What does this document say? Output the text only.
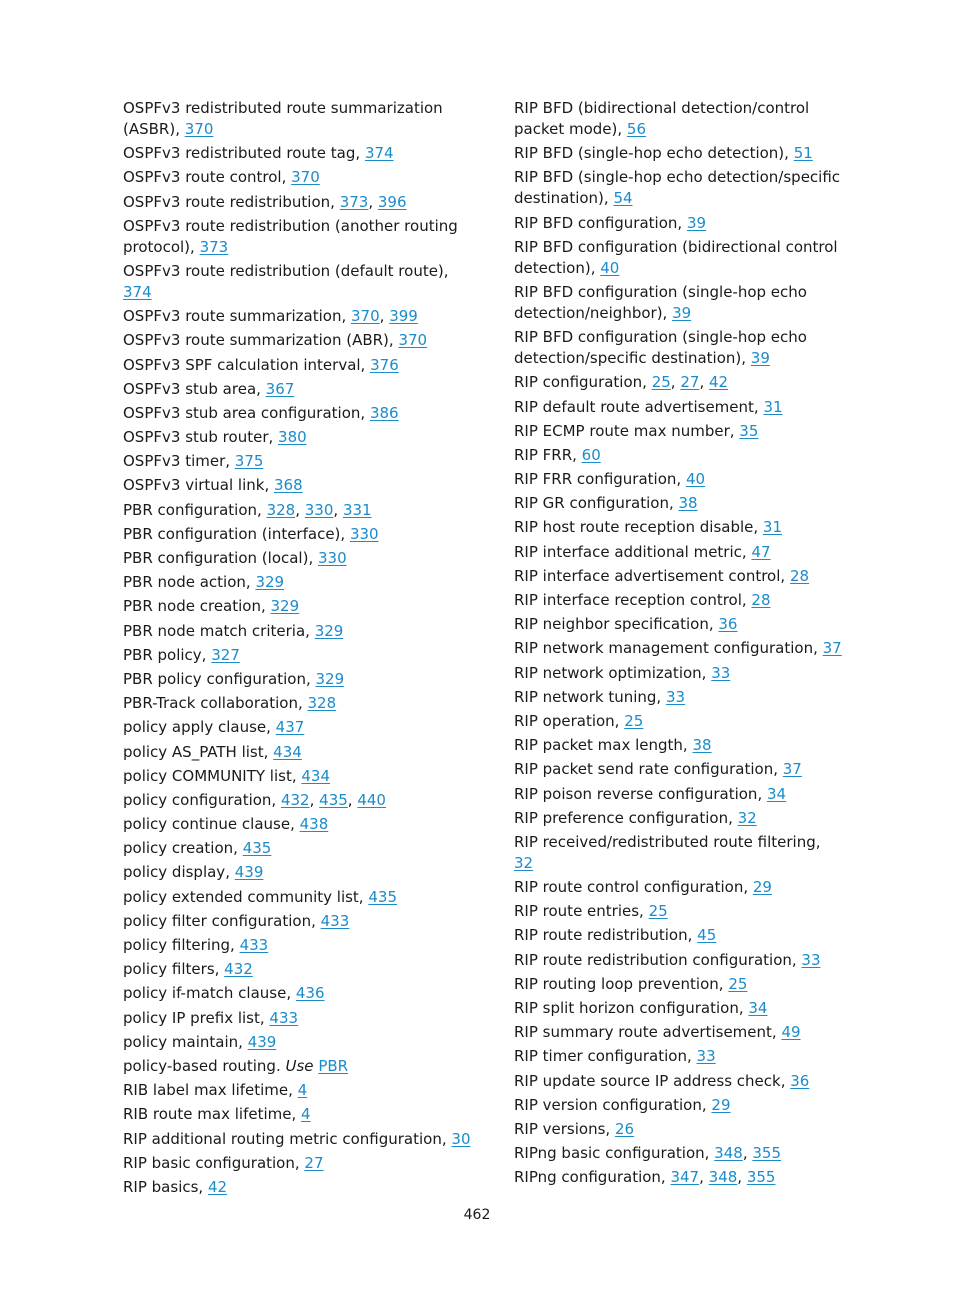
OSPFv3 redistributed route summarization (ASBR), 370
OSPFv3 redistributed route tag, 374
OSPFv3 route control, 370
OSPFv3 route redistribution, 373, 396
OSPFv3 route redistribution (another routing protocol), 373
OSPFv3 route redistribution (default route), 374
OSPFv3 route summarization, 370, 399
OSPFv3 route summarization (ABR), 370
OSPFv3 SPF calculation interval, 376
OSPFv3 stub area, 367
OSPFv3 stub area configuration, 386
OSPFv3 stub router, 380
OSPFv3 timer, 375
OSPFv3 virtual link, 368
PBR configuration, 328, 330, 331
PBR configuration (interface), 330
PBR configuration (local), 330
PBR node action, 329
PBR node creation, 329
PBR node match criteria, 329
PBR policy, 327
PBR policy configuration, 329
PBR-Track collaboration, 328
policy apply clause, 437
policy AS_PATH list, 434
policy COMMUNITY list, 434
policy configuration, 432, 435, 440
policy continue clause, 438
policy creation, 435
policy display, 439
policy extended community list, 435
policy filter configuration, 433
policy filtering, 433
policy filters, 432
policy if-match clause, 436
policy IP prefix list, 433
policy maintain, 439
policy-based routing. Use PBR
RIB label max lifetime, 4
RIB route max lifetime, 4
RIP additional routing metric configuration, 30
RIP basic configuration, 27
RIP basics, 42
RIP BFD (bidirectional detection/control packet mode), 56
RIP BFD (single-hop echo detection), 51
RIP BFD (single-hop echo detection/specific destination), 54
RIP BFD configuration, 39
RIP BFD configuration (bidirectional control detection), 40
RIP BFD configuration (single-hop echo detection/neighbor), 39
RIP BFD configuration (single-hop echo detection/specific destination), 39
RIP configuration, 25, 27, 42
RIP default route advertisement, 31
RIP ECMP route max number, 35
RIP FRR, 60
RIP FRR configuration, 40
RIP GR configuration, 38
RIP host route reception disable, 31
RIP interface additional metric, 47
RIP interface advertisement control, 28
RIP interface reception control, 28
RIP neighbor specification, 36
RIP network management configuration, 37
RIP network optimization, 33
RIP network tuning, 33
RIP operation, 25
RIP packet max length, 38
RIP packet send rate configuration, 37
RIP poison reverse configuration, 34
RIP preference configuration, 32
RIP received/redistributed route filtering, 32
RIP route control configuration, 29
RIP route entries, 25
RIP route redistribution, 45
RIP route redistribution configuration, 33
RIP routing loop prevention, 25
RIP split horizon configuration, 34
RIP summary route advertisement, 49
RIP timer configuration, 33
RIP update source IP address check, 36
RIP version configuration, 29
RIP versions, 26
RIPng basic configuration, 348, 355
RIPng configuration, 347, 348, 355
462
